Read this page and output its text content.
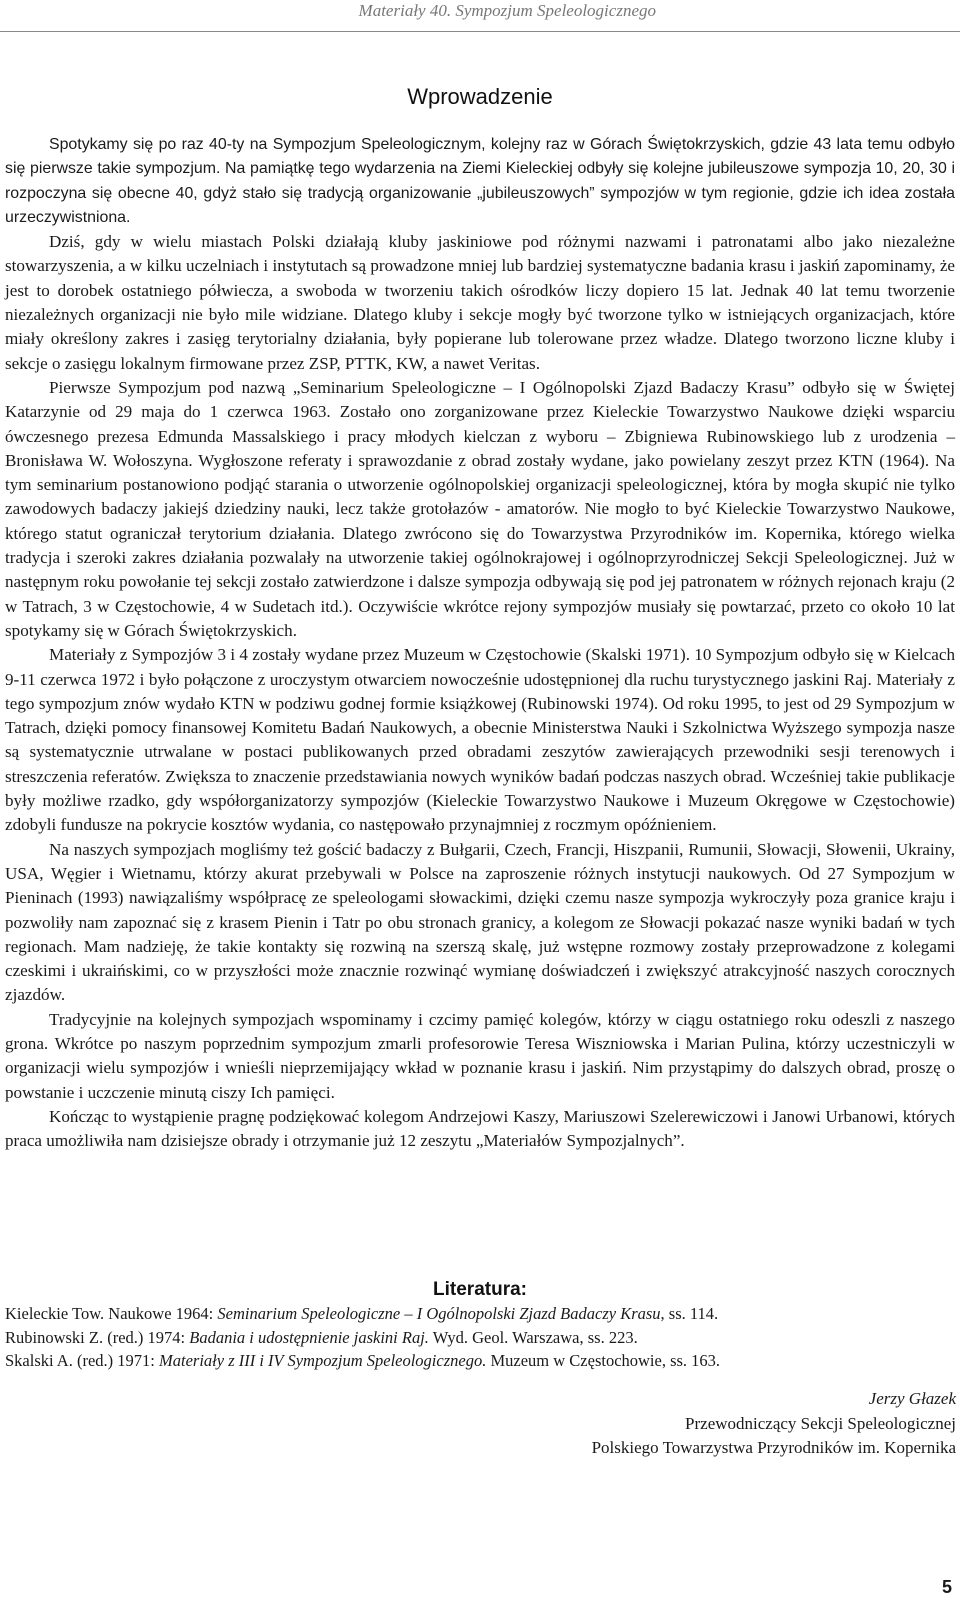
Materiały 40. Sympozjum Speleologicznego
Wprowadzenie

Spotykamy się po raz 40-ty na Sympozjum Speleologicznym, kolejny raz w Górach Świętokrzyskich, gdzie 43 lata temu odbyło się pierwsze takie sympozjum. Na pamiątkę tego wydarzenia na Ziemi Kieleckiej odbyły się kolejne jubileuszowe sympozja 10, 20, 30 i rozpoczyna się obecne 40, gdyż stało się tradycją organizowanie „jubileuszowych” sympozjów w tym regionie, gdzie ich idea została urzeczywistniona.

Dziś, gdy w wielu miastach Polski działają kluby jaskiniowe pod różnymi nazwami i patronatami albo jako niezależne stowarzyszenia, a w kilku uczelniach i instytutach są prowadzone mniej lub bardziej systematyczne badania krasu i jaskiń zapominamy, że jest to dorobek ostatniego półwiecza, a swoboda w tworzeniu takich ośrodków liczy dopiero 15 lat. Jednak 40 lat temu tworzenie niezależnych organizacji nie było mile widziane. Dlatego kluby i sekcje mogły być tworzone tylko w istniejących organizacjach, które miały określony zakres i zasięg terytorialny działania, były popierane lub tolerowane przez władze. Dlatego tworzono liczne kluby i sekcje o zasięgu lokalnym firmowane przez ZSP, PTTK, KW, a nawet Veritas.

Pierwsze Sympozjum pod nazwą „Seminarium Speleologiczne – I Ogólnopolski Zjazd Badaczy Krasu” odbyło się w Świętej Katarzynie od 29 maja do 1 czerwca 1963. Zostało ono zorganizowane przez Kieleckie Towarzystwo Naukowe dzięki wsparciu ówczesnego prezesa Edmunda Massalskiego i pracy młodych kielczan z wyboru – Zbigniewa Rubinowskiego lub z urodzenia – Bronisława W. Wołoszyna. Wygłoszone referaty i sprawozdanie z obrad zostały wydane, jako powielany zeszyt przez KTN (1964). Na tym seminarium postanowiono podjąć starania o utworzenie ogólnopolskiej organizacji speleologicznej, która by mogła skupić nie tylko zawodowych badaczy jakiejś dziedziny nauki, lecz także grotołazów - amatorów. Nie mogło to być Kieleckie Towarzystwo Naukowe, którego statut ograniczał terytorium działania. Dlatego zwrócono się do Towarzystwa Przyrodników im. Kopernika, którego wielka tradycja i szeroki zakres działania pozwalały na utworzenie takiej ogólnokrajowej i ogólnoprzyrodniczej Sekcji Speleologicznej. Już w następnym roku powołanie tej sekcji zostało zatwierdzone i dalsze sympozja odbywają się pod jej patronatem w różnych rejonach kraju (2 w Tatrach, 3 w Częstochowie, 4 w Sudetach itd.). Oczywiście wkrótce rejony sympozjów musiały się powtarzać, przeto co około 10 lat spotykamy się w Górach Świętokrzyskich.

Materiały z Sympozjów 3 i 4 zostały wydane przez Muzeum w Częstochowie (Skalski 1971). 10 Sympozjum odbyło się w Kielcach 9-11 czerwca 1972 i było połączone z uroczystym otwarciem nowocześnie udostępnionej dla ruchu turystycznego jaskini Raj. Materiały z tego sympozjum znów wydało KTN w podziwu godnej formie książkowej (Rubinowski 1974). Od roku 1995, to jest od 29 Sympozjum w Tatrach, dzięki pomocy finansowej Komitetu Badań Naukowych, a obecnie Ministerstwa Nauki i Szkolnictwa Wyższego sympozja nasze są systematycznie utrwalane w postaci publikowanych przed obradami zeszytów zawierających przewodniki sesji terenowych i streszczenia referatów. Zwiększa to znaczenie przedstawiania nowych wyników badań podczas naszych obrad. Wcześniej takie publikacje były możliwe rzadko, gdy współorganizatorzy sympozjów (Kieleckie Towarzystwo Naukowe i Muzeum Okręgowe w Częstochowie) zdobyli fundusze na pokrycie kosztów wydania, co następowało przynajmniej z roczmym opóźnieniem.

Na naszych sympozjach mogliśmy też gościć badaczy z Bułgarii, Czech, Francji, Hiszpanii, Rumunii, Słowacji, Słowenii, Ukrainy, USA, Węgier i Wietnamu, którzy akurat przebywali w Polsce na zaproszenie różnych instytucji naukowych. Od 27 Sympozjum w Pieninach (1993) nawiązaliśmy współpracę ze speleologami słowackimi, dzięki czemu nasze sympozja wykroczyły poza granice kraju i pozwoliły nam zapoznać się z krasem Pienin i Tatr po obu stronach granicy, a kolegom ze Słowacji pokazać nasze wyniki badań w tych regionach. Mam nadzieję, że takie kontakty się rozwiną na szerszą skalę, już wstępne rozmowy zostały przeprowadzone z kolegami czeskimi i ukraińskimi, co w przyszłości może znacznie rozwinąć wymianę doświadczeń i zwiększyć atrakcyjność naszych corocznych zjazdów.

Tradycyjnie na kolejnych sympozjach wspominamy i czcimy pamięć kolegów, którzy w ciągu ostatniego roku odeszli z naszego grona. Wkrótce po naszym poprzednim sympozjum zmarli profesorowie Teresa Wiszniowska i Marian Pulina, którzy uczestniczyli w organizacji wielu sympozjów i wnieśli nieprzemijający wkład w poznanie krasu i jaskiń. Nim przystąpimy do dalszych obrad, proszę o powstanie i uczczenie minutą ciszy Ich pamięci.

Kończąc to wystąpienie pragnę podziękować kolegom Andrzejowi Kaszy, Mariuszowi Szelerewiczowi i Janowi Urbanowi, których praca umożliwiła nam dzisiejsze obrady i otrzymanie już 12 zeszytu „Materiałów Sympozjalnych”.

Literatura:
Kieleckie Tow. Naukowe 1964: Seminarium Speleologiczne – I Ogólnopolski Zjazd Badaczy Krasu, ss. 114.
Rubinowski Z. (red.) 1974: Badania i udostępnienie jaskini Raj. Wyd. Geol. Warszawa, ss. 223.
Skalski A. (red.) 1971: Materiały z III i IV Sympozjum Speleologicznego. Muzeum w Częstochowie, ss. 163.
Jerzy Głazek
Przewodniczący Sekcji Speleologicznej
Polskiego Towarzystwa Przyrodników im. Kopernika
5
